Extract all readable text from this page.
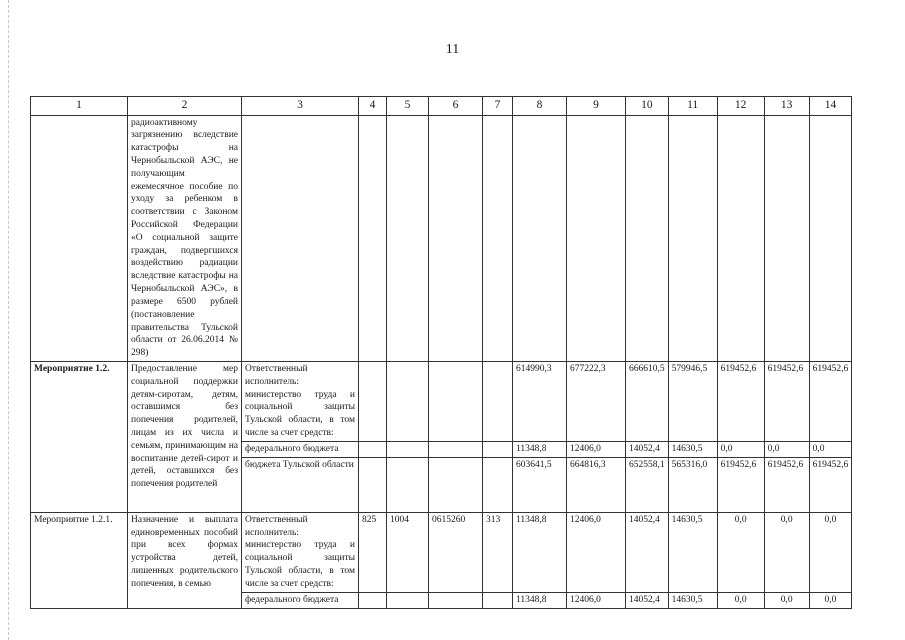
11
1	2	3	4	5	6	7	8	9	10	11	12	13	14
	радиоактивному загрязнению вследствие катастрофы на Чернобыльской АЭС, не получающим ежемесячное пособие по уходу за ребенком в соответствии с Законом Российской Федерации «О социальной защите граждан, подвергшихся воздействию радиации вследствие катастрофы на Чернобыльской АЭС», в размере 6500 рублей (постановление правительства Тульской области от 26.06.2014 № 298)												
Мероприятие 1.2.	Предоставление мер социальной поддержки детям-сиротам, детям, оставшимся без попечения родителей, лицам из их числа и семьям, принимающим на воспитание детей-сирот и детей, оставшихся без попечения родителей	Ответственный исполнитель: министерство труда и социальной защиты Тульской области, в том числе за счет средств:					614990,3	677222,3	666610,5	579946,5	619452,6	619452,6	619452,6
		федерального бюджета					11348,8	12406,0	14052,4	14630,5	0,0	0,0	0,0
		бюджета Тульской области					603641,5	664816,3	652558,1	565316,0	619452,6	619452,6	619452,6
Мероприятие 1.2.1.	Назначение и выплата единовременных пособий при всех формах устройства детей, лишенных родительского попечения, в семью	Ответственный исполнитель: министерство труда и социальной защиты Тульской области, в том числе за счет средств:	825	1004	0615260	313	11348,8	12406,0	14052,4	14630,5	0,0	0,0	0,0
		федерального бюджета					11348,8	12406,0	14052,4	14630,5	0,0	0,0	0,0
